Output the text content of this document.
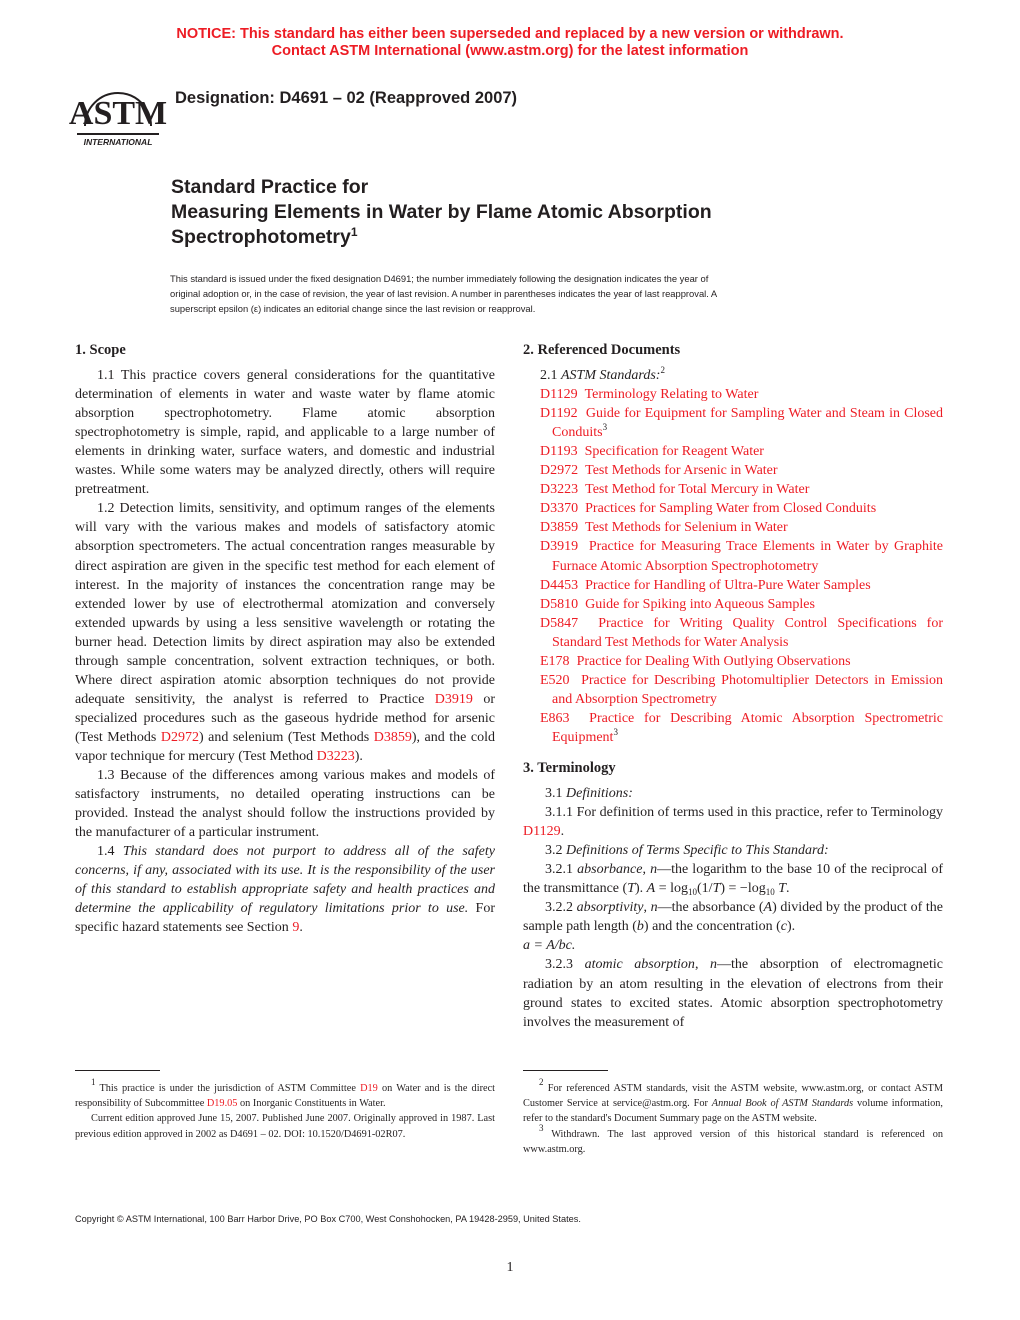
NOTICE: This standard has either been superseded and replaced by a new version or withdrawn.
Contact ASTM International (www.astm.org) for the latest information
ASTM
INTERNATIONAL
Designation: D4691 – 02 (Reapproved 2007)
Standard Practice for
Measuring Elements in Water by Flame Atomic Absorption
Spectrophotometry$^1$
This standard is issued under the fixed designation D4691; the number immediately following the designation indicates the year of
original adoption or, in the case of revision, the year of last revision. A number in parentheses indicates the year of last reapproval. A
superscript epsilon (ε) indicates an editorial change since the last revision or reapproval.
1. Scope

1.1 This practice covers general considerations for the quantitative determination of elements in water and waste water by flame atomic absorption spectrophotometry. Flame atomic absorption spectrophotometry is simple, rapid, and applicable to a large number of elements in drinking water, surface waters, and domestic and industrial wastes. While some waters may be analyzed directly, others will require pretreatment.

1.2 Detection limits, sensitivity, and optimum ranges of the elements will vary with the various makes and models of satisfactory atomic absorption spectrometers. The actual concentration ranges measurable by direct aspiration are given in the specific test method for each element of interest. In the majority of instances the concentration range may be extended lower by use of electrothermal atomization and conversely extended upwards by using a less sensitive wavelength or rotating the burner head. Detection limits by direct aspiration may also be extended through sample concentration, solvent extraction techniques, or both. Where direct aspiration atomic absorption techniques do not provide adequate sensitivity, the analyst is referred to Practice D3919 or specialized procedures such as the gaseous hydride method for arsenic (Test Methods D2972) and selenium (Test Methods D3859), and the cold vapor technique for mercury (Test Method D3223).

1.3 Because of the differences among various makes and models of satisfactory instruments, no detailed operating instructions can be provided. Instead the analyst should follow the instructions provided by the manufacturer of a particular instrument.

1.4 This standard does not purport to address all of the safety concerns, if any, associated with its use. It is the responsibility of the user of this standard to establish appropriate safety and health practices and determine the applicability of regulatory limitations prior to use. For specific hazard statements see Section 9.

2. Referenced Documents

2.1 ASTM Standards:$^2$

D1129 Terminology Relating to Water

D1192 Guide for Equipment for Sampling Water and Steam in Closed Conduits$^3$

D1193 Specification for Reagent Water

D2972 Test Methods for Arsenic in Water

D3223 Test Method for Total Mercury in Water

D3370 Practices for Sampling Water from Closed Conduits

D3859 Test Methods for Selenium in Water

D3919 Practice for Measuring Trace Elements in Water by Graphite Furnace Atomic Absorption Spectrophotometry

D4453 Practice for Handling of Ultra-Pure Water Samples

D5810 Guide for Spiking into Aqueous Samples

D5847 Practice for Writing Quality Control Specifications for Standard Test Methods for Water Analysis

E178 Practice for Dealing With Outlying Observations

E520 Practice for Describing Photomultiplier Detectors in Emission and Absorption Spectrometry

E863 Practice for Describing Atomic Absorption Spectrometric Equipment$^3$

3. Terminology

3.1 Definitions:

3.1.1 For definition of terms used in this practice, refer to Terminology D1129.

3.2 Definitions of Terms Specific to This Standard:

3.2.1 absorbance, n—the logarithm to the base 10 of the reciprocal of the transmittance (T). $A = \log_{10}(1/T) = -\log_{10}$ T.

3.2.2 absorptivity, n—the absorbance (A) divided by the product of the sample path length (b) and the concentration (c).
a = A/bc.

3.2.3 atomic absorption, n—the absorption of electromagnetic radiation by an atom resulting in the elevation of electrons from their ground states to excited states. Atomic absorption spectrophotometry involves the measurement of

$^1$ This practice is under the jurisdiction of ASTM Committee D19 on Water and is the direct responsibility of Subcommittee D19.05 on Inorganic Constituents in Water.

Current edition approved June 15, 2007. Published June 2007. Originally approved in 1987. Last previous edition approved in 2002 as D4691 – 02. DOI: 10.1520/D4691-02R07.

$^2$ For referenced ASTM standards, visit the ASTM website, www.astm.org, or contact ASTM Customer Service at service@astm.org. For Annual Book of ASTM Standards volume information, refer to the standard's Document Summary page on the ASTM website.

$^3$ Withdrawn. The last approved version of this historical standard is referenced on www.astm.org.

Copyright © ASTM International, 100 Barr Harbor Drive, PO Box C700, West Conshohocken, PA 19428-2959, United States.
1
